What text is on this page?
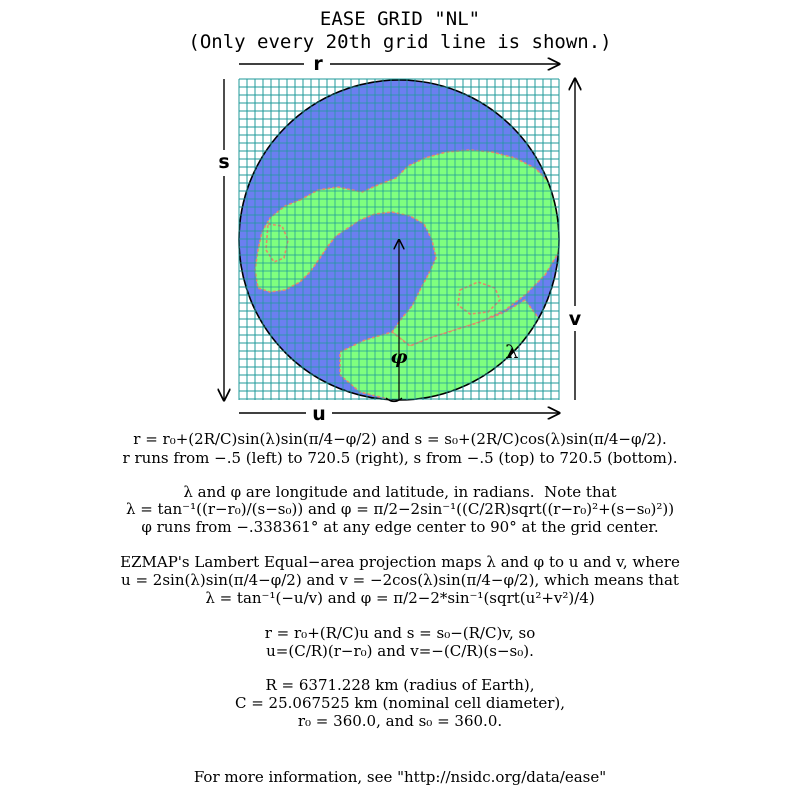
EASE GRID "NL"
(Only every 20th grid line is shown.)
r
s
u
v
φ	λ
r = r₀+(2R/C)sin(λ)sin(π/4−φ/2) and s = s₀+(2R/C)cos(λ)sin(π/4−φ/2).
r runs from −.5 (left) to 720.5 (right), s from −.5 (top) to 720.5 (bottom).
λ and φ are longitude and latitude, in radians.  Note that
λ = tan⁻¹((r−r₀)/(s−s₀)) and φ = π/2−2sin⁻¹((C/2R)sqrt((r−r₀)²+(s−s₀)²))
φ runs from −.338361° at any edge center to 90° at the grid center.
EZMAP's Lambert Equal−area projection maps λ and φ to u and v, where
u = 2sin(λ)sin(π/4−φ/2) and v = −2cos(λ)sin(π/4−φ/2), which means that
λ = tan⁻¹(−u/v) and φ = π/2−2*sin⁻¹(sqrt(u²+v²)/4)
r = r₀+(R/C)u and s = s₀−(R/C)v, so
u=(C/R)(r−r₀) and v=−(C/R)(s−s₀).
R = 6371.228 km (radius of Earth),
C = 25.067525 km (nominal cell diameter),
r₀ = 360.0, and s₀ = 360.0.
For more information, see "http://nsidc.org/data/ease"
